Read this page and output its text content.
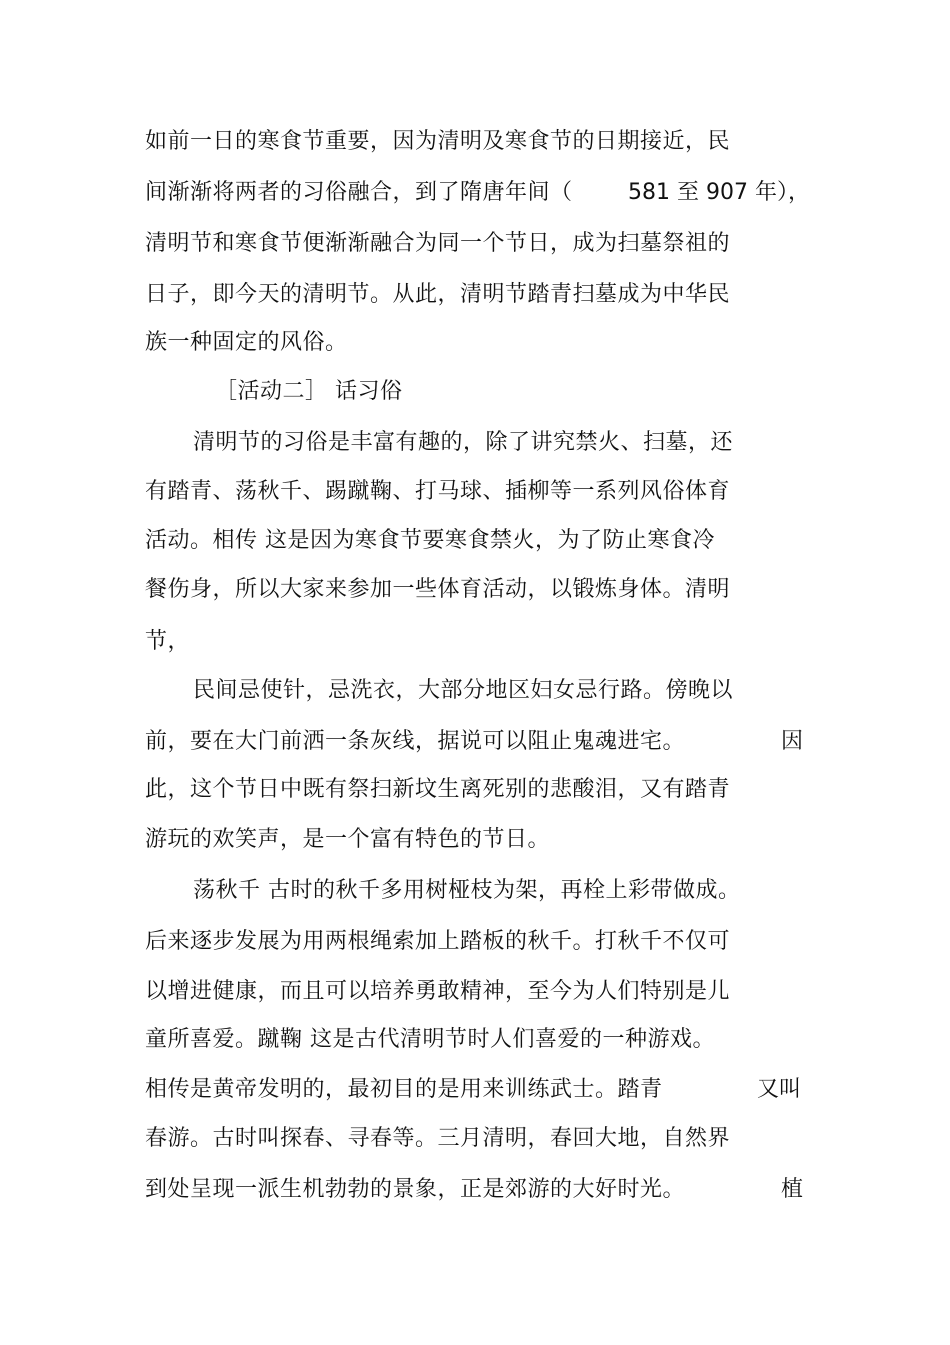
如前一日的寒食节重要，因为清明及寒食节的日期接近，民
间渐渐将两者的习俗融合，到了隋唐年间（	581 至 907 年），
清明节和寒食节便渐渐融合为同一个节日，成为扫墓祭祖的
日子，即今天的清明节。从此，清明节踏青扫墓成为中华民
族一种固定的风俗。
［活动二］ 话习俗
清明节的习俗是丰富有趣的，除了讲究禁火、扫墓，还
有踏青、荡秋千、踢蹴鞠、打马球、插柳等一系列风俗体育
活动。相传 这是因为寒食节要寒食禁火，为了防止寒食冷
餐伤身，所以大家来参加一些体育活动，以锻炼身体。清明
节，
民间忌使针，忌洗衣，大部分地区妇女忌行路。傍晚以
前，要在大门前洒一条灰线，据说可以阻止鬼魂进宅。	因
此，这个节日中既有祭扫新坟生离死别的悲酸泪，又有踏青
游玩的欢笑声，是一个富有特色的节日。
荡秋千 古时的秋千多用树桠枝为架，再栓上彩带做成。
后来逐步发展为用两根绳索加上踏板的秋千。打秋千不仅可
以增进健康，而且可以培养勇敢精神，至今为人们特别是儿
童所喜爱。蹴鞠 这是古代清明节时人们喜爱的一种游戏。
相传是黄帝发明的，最初目的是用来训练武士。踏青	又叫
春游。古时叫探春、寻春等。三月清明，春回大地，自然界
到处呈现一派生机勃勃的景象，正是郊游的大好时光。	植
